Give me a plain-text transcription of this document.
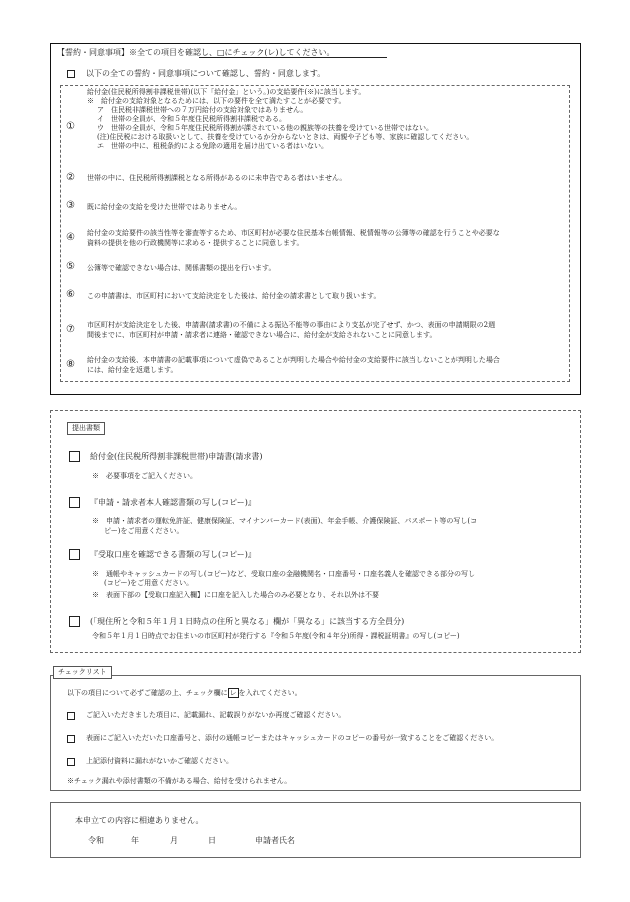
【誓約・同意事項】※全ての項目を確認し、□にチェック(レ)してください。
以下の全ての誓約・同意事項について確認し、誓約・同意します。
①
給付金(住民税所得割非課税世帯)(以下「給付金」という。)の支給要件(※)に該当します。
※　給付金の支給対象となるためには、以下の要件を全て満たすことが必要です。
ア　住民税非課税世帯への７万円給付の支給対象ではありません。
イ　世帯の全員が、令和５年度住民税所得割非課税である。
ウ　世帯の全員が、令和５年度住民税所得割が課されている他の親族等の扶養を受けている世帯ではない。
(注)住民税における取扱いとして、扶養を受けているか分からないときは、両親や子ども等、家族に確認してください。
エ　世帯の中に、租税条約による免除の適用を届け出ている者はいない。
② 世帯の中に、住民税所得割課税となる所得があるのに未申告である者はいません。
③ 既に給付金の支給を受けた世帯ではありません。
④ 給付金の支給要件の該当性等を審査等するため、市区町村が必要な住民基本台帳情報、税情報等の公簿等の確認を行うことや必要な
資料の提供を他の行政機関等に求める・提供することに同意します。
⑤ 公簿等で確認できない場合は、関係書類の提出を行います。
⑥ この申請書は、市区町村において支給決定をした後は、給付金の請求書として取り扱います。
⑦ 市区町村が支給決定をした後、申請書(請求書)の不備による振込不能等の事由により支払が完了せず、かつ、表面の申請期限の2週
間後までに、市区町村が申請・請求者に連絡・確認できない場合に、給付金が支給されないことに同意します。
⑧ 給付金の支給後、本申請書の記載事項について虚偽であることが判明した場合や給付金の支給要件に該当しないことが判明した場合
には、給付金を返還します。
提出書類
給付金(住民税所得割非課税世帯)申請書(請求書)
※　必要事項をご記入ください。
『申請・請求者本人確認書類の写し(コピー)』
※　申請・請求者の運転免許証、健康保険証、マイナンバーカード(表面)、年金手帳、介護保険証、パスポート等の写し(コ
ピー)をご用意ください。
『受取口座を確認できる書類の写し(コピー)』
※　通帳やキャッシュカードの写し(コピー)など、受取口座の金融機関名・口座番号・口座名義人を確認できる部分の写し
(コピー)をご用意ください。
※　表面下部の【受取口座記入欄】に口座を記入した場合のみ必要となり、それ以外は不要
(「現住所と令和５年１月１日時点の住所と異なる」欄が「異なる」に該当する方全員分)
令和５年１月１日時点でお住まいの市区町村が発行する『令和５年度(令和４年分)所得・課税証明書』の写し(コピー)
チェックリスト
以下の項目について必ずご確認の上、チェック欄に レ を入れてください。
ご記入いただきました項目に、記載漏れ、記載誤りがないか再度ご確認ください。
表面にご記入いただいた口座番号と、添付の通帳コピーまたはキャッシュカードのコピーの番号が一致することをご確認ください。
上記添付資料に漏れがないかご確認ください。
※チェック漏れや添付書類の不備がある場合、給付を受けられません。
本申立ての内容に相違ありません。
令和	年	月	日	申請者氏名
